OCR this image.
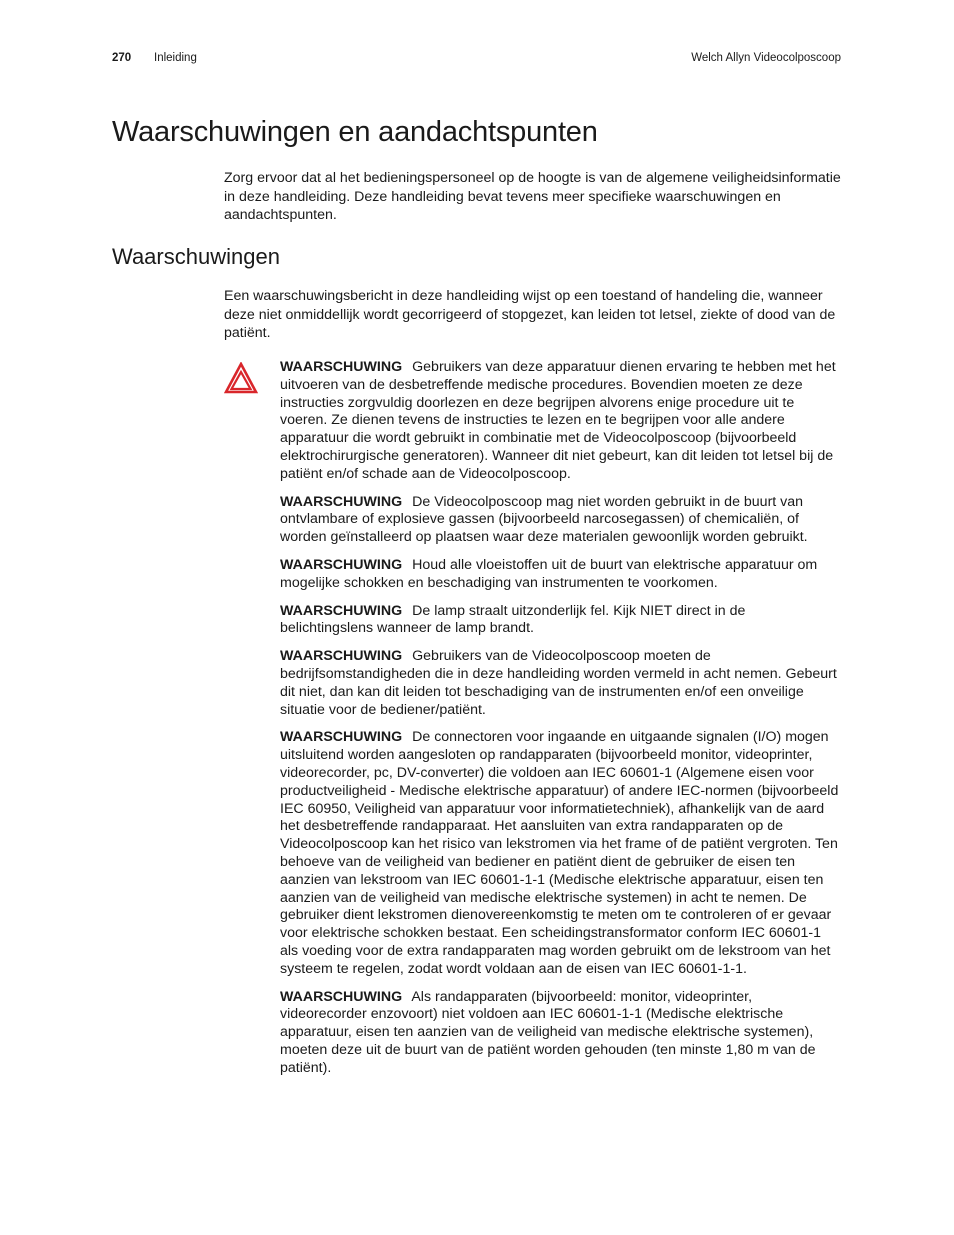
270 Inleiding	Welch Allyn Videocolposcoop
Waarschuwingen en aandachtspunten

Zorg ervoor dat al het bedieningspersoneel op de hoogte is van de algemene veiligheidsinformatie in deze handleiding. Deze handleiding bevat tevens meer specifieke waarschuwingen en aandachtspunten.

Waarschuwingen

Een waarschuwingsbericht in deze handleiding wijst op een toestand of handeling die, wanneer deze niet onmiddellijk wordt gecorrigeerd of stopgezet, kan leiden tot letsel, ziekte of dood van de patiënt.

WAARSCHUWING Gebruikers van deze apparatuur dienen ervaring te hebben met het uitvoeren van de desbetreffende medische procedures. Bovendien moeten ze deze instructies zorgvuldig doorlezen en deze begrijpen alvorens enige procedure uit te voeren. Ze dienen tevens de instructies te lezen en te begrijpen voor alle andere apparatuur die wordt gebruikt in combinatie met de Videocolposcoop (bijvoorbeeld elektrochirurgische generatoren). Wanneer dit niet gebeurt, kan dit leiden tot letsel bij de patiënt en/of schade aan de Videocolposcoop.

WAARSCHUWING De Videocolposcoop mag niet worden gebruikt in de buurt van ontvlambare of explosieve gassen (bijvoorbeeld narcosegassen) of chemicaliën, of worden geïnstalleerd op plaatsen waar deze materialen gewoonlijk worden gebruikt.

WAARSCHUWING Houd alle vloeistoffen uit de buurt van elektrische apparatuur om mogelijke schokken en beschadiging van instrumenten te voorkomen.

WAARSCHUWING De lamp straalt uitzonderlijk fel. Kijk NIET direct in de belichtingslens wanneer de lamp brandt.

WAARSCHUWING Gebruikers van de Videocolposcoop moeten de bedrijfsomstandigheden die in deze handleiding worden vermeld in acht nemen. Gebeurt dit niet, dan kan dit leiden tot beschadiging van de instrumenten en/of een onveilige situatie voor de bediener/patiënt.

WAARSCHUWING De connectoren voor ingaande en uitgaande signalen (I/O) mogen uitsluitend worden aangesloten op randapparaten (bijvoorbeeld monitor, videoprinter, videorecorder, pc, DV-converter) die voldoen aan IEC 60601-1 (Algemene eisen voor productveiligheid - Medische elektrische apparatuur) of andere IEC-normen (bijvoorbeeld IEC 60950, Veiligheid van apparatuur voor informatietechniek), afhankelijk van de aard het desbetreffende randapparaat. Het aansluiten van extra randapparaten op de Videocolposcoop kan het risico van lekstromen via het frame of de patiënt vergroten. Ten behoeve van de veiligheid van bediener en patiënt dient de gebruiker de eisen ten aanzien van lekstroom van IEC 60601-1-1 (Medische elektrische apparatuur, eisen ten aanzien van de veiligheid van medische elektrische systemen) in acht te nemen. De gebruiker dient lekstromen dienovereenkomstig te meten om te controleren of er gevaar voor elektrische schokken bestaat. Een scheidingstransformator conform IEC 60601-1 als voeding voor de extra randapparaten mag worden gebruikt om de lekstroom van het systeem te regelen, zodat wordt voldaan aan de eisen van IEC 60601-1-1.

WAARSCHUWING Als randapparaten (bijvoorbeeld: monitor, videoprinter, videorecorder enzovoort) niet voldoen aan IEC 60601-1-1 (Medische elektrische apparatuur, eisen ten aanzien van de veiligheid van medische elektrische systemen), moeten deze uit de buurt van de patiënt worden gehouden (ten minste 1,80 m van de patiënt).
